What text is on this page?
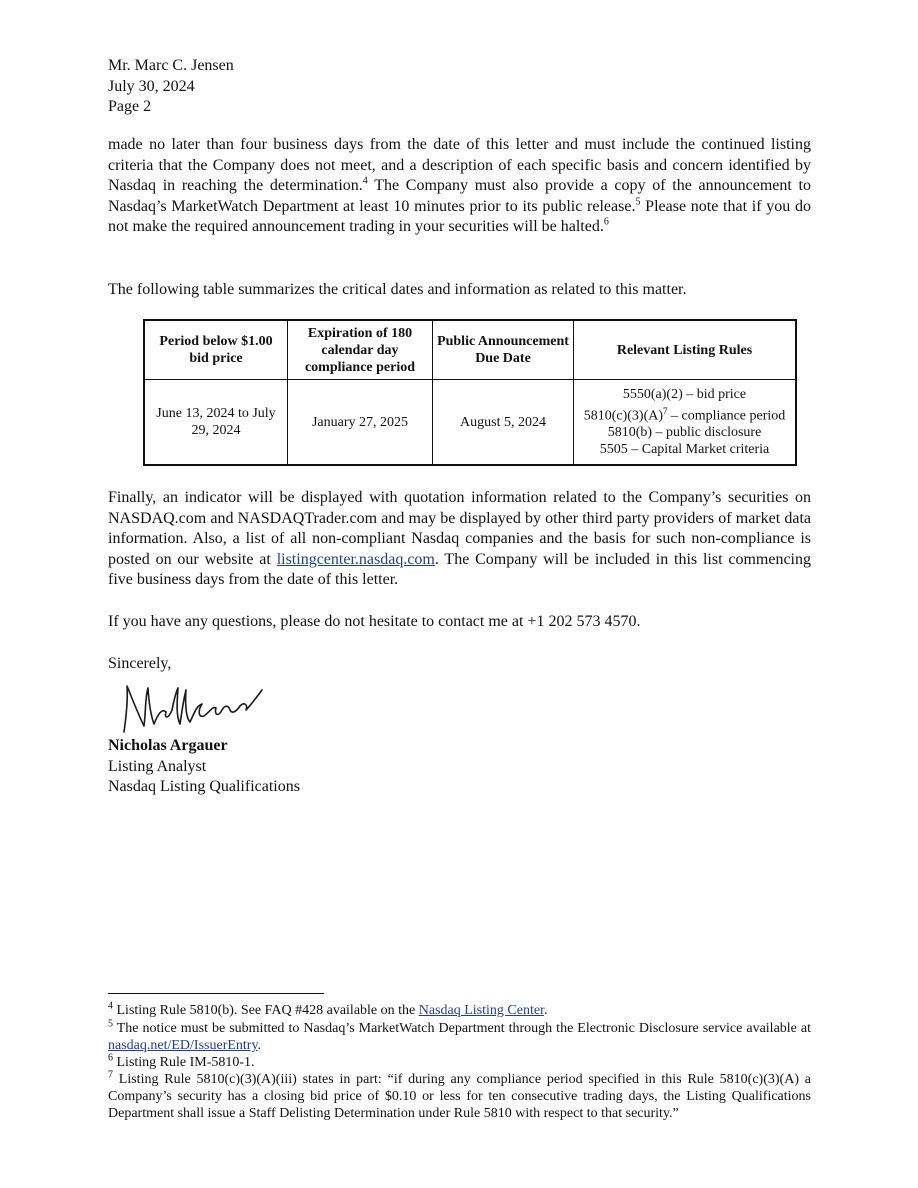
Mr. Marc C. Jensen
July 30, 2024
Page 2
made no later than four business days from the date of this letter and must include the continued listing criteria that the Company does not meet, and a description of each specific basis and concern identified by Nasdaq in reaching the determination.$^4$ The Company must also provide a copy of the announcement to Nasdaq’s MarketWatch Department at least 10 minutes prior to its public release.$^5$ Please note that if you do not make the required announcement trading in your securities will be halted.$^6$
The following table summarizes the critical dates and information as related to this matter.
Period below $1.00 bid price	Expiration of 180 calendar day compliance period	Public Announcement Due Date	Relevant Listing Rules
June 13, 2024 to July 29, 2024	January 27, 2025	August 5, 2024	5550(a)(2) – bid price
$5810(c)(3)(A)^7$ – compliance period
5810(b) – public disclosure
5505 – Capital Market criteria
Finally, an indicator will be displayed with quotation information related to the Company’s securities on NASDAQ.com and NASDAQTrader.com and may be displayed by other third party providers of market data information. Also, a list of all non-compliant Nasdaq companies and the basis for such non-compliance is posted on our website at listingcenter.nasdaq.com. The Company will be included in this list commencing five business days from the date of this letter.
If you have any questions, please do not hesitate to contact me at +1 202 573 4570.
Sincerely,
Nicholas Argauer
Listing Analyst
Nasdaq Listing Qualifications
$^4$ Listing Rule 5810(b). See FAQ #428 available on the Nasdaq Listing Center.
$^5$ The notice must be submitted to Nasdaq’s MarketWatch Department through the Electronic Disclosure service available at nasdaq.net/ED/IssuerEntry.
$^6$ Listing Rule IM-5810-1.
$^7$ Listing Rule 5810(c)(3)(A)(iii) states in part: “if during any compliance period specified in this Rule 5810(c)(3)(A) a Company’s security has a closing bid price of $0.10 or less for ten consecutive trading days, the Listing Qualifications Department shall issue a Staff Delisting Determination under Rule 5810 with respect to that security.”
